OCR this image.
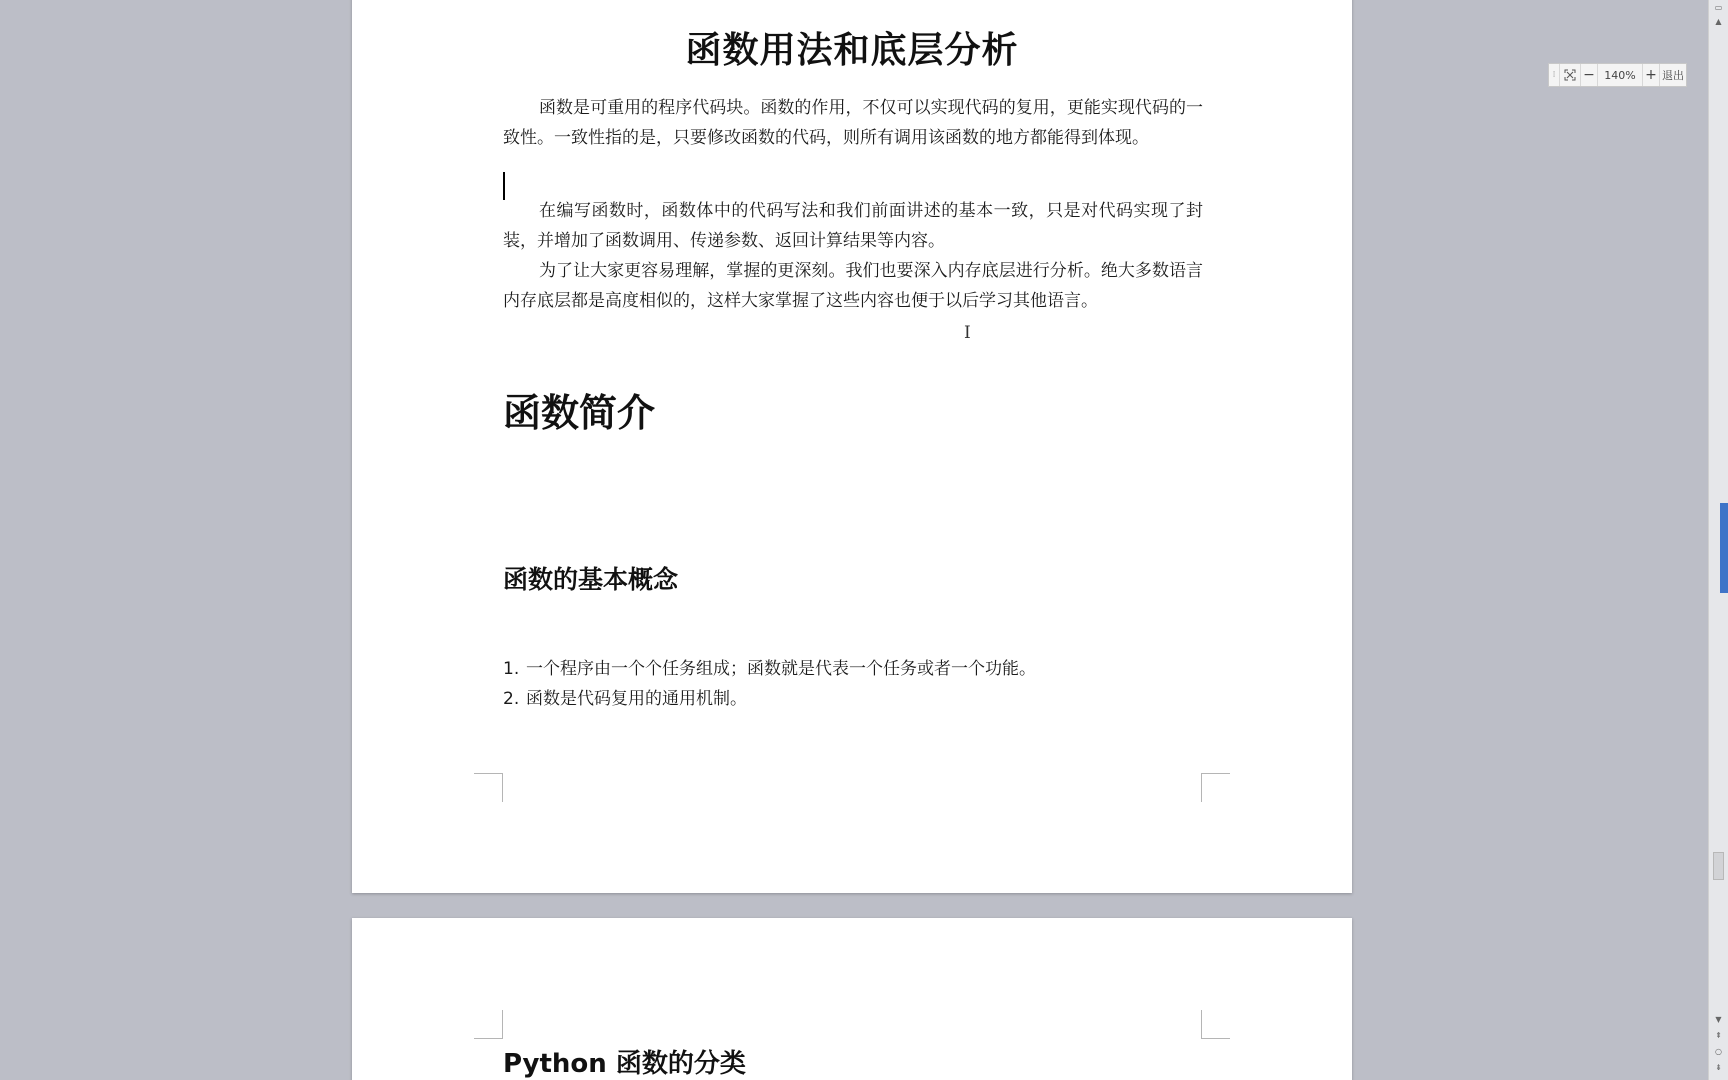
函数用法和底层分析

函数是可重用的程序代码块。函数的作用，不仅可以实现代码的复用，更能实现代码的一致性。一致性指的是，只要修改函数的代码，则所有调用该函数的地方都能得到体现。

在编写函数时，函数体中的代码写法和我们前面讲述的基本一致，只是对代码实现了封装，并增加了函数调用、传递参数、返回计算结果等内容。

为了让大家更容易理解，掌握的更深刻。我们也要深入内存底层进行分析。绝大多数语言内存底层都是高度相似的，这样大家掌握了这些内容也便于以后学习其他语言。

函数简介
函数的基本概念
1. 一个程序由一个个任务组成；函数就是代表一个任务或者一个功能。
2. 函数是代码复用的通用机制。
Python 函数的分类
I
⁞	− 140% + 退出
▭
▲
▼
⇞
○
⇟
